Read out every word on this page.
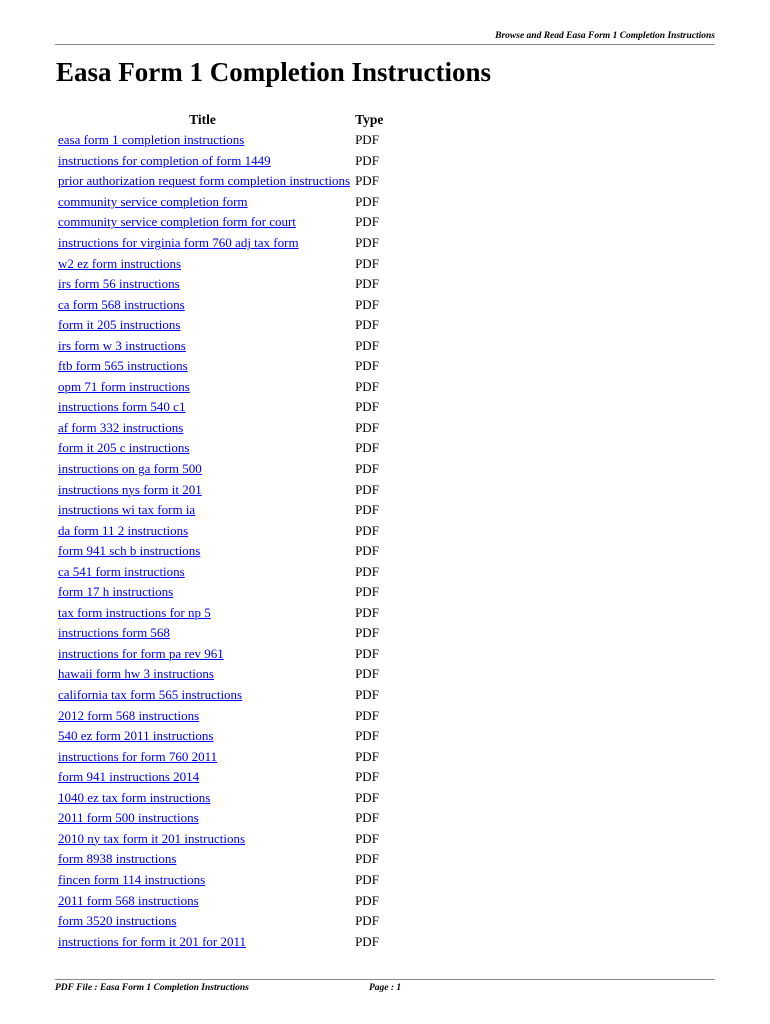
Browse and Read Easa Form 1 Completion Instructions
Easa Form 1 Completion Instructions
Title	Type
easa form 1 completion instructions	PDF
instructions for completion of form 1449	PDF
prior authorization request form completion instructions	PDF
community service completion form	PDF
community service completion form for court	PDF
instructions for virginia form 760 adj tax form	PDF
w2 ez form instructions	PDF
irs form 56 instructions	PDF
ca form 568 instructions	PDF
form it 205 instructions	PDF
irs form w 3 instructions	PDF
ftb form 565 instructions	PDF
opm 71 form instructions	PDF
instructions form 540 c1	PDF
af form 332 instructions	PDF
form it 205 c instructions	PDF
instructions on ga form 500	PDF
instructions nys form it 201	PDF
instructions wi tax form ia	PDF
da form 11 2 instructions	PDF
form 941 sch b instructions	PDF
ca 541 form instructions	PDF
form 17 h instructions	PDF
tax form instructions for np 5	PDF
instructions form 568	PDF
instructions for form pa rev 961	PDF
hawaii form hw 3 instructions	PDF
california tax form 565 instructions	PDF
2012 form 568 instructions	PDF
540 ez form 2011 instructions	PDF
instructions for form 760 2011	PDF
form 941 instructions 2014	PDF
1040 ez tax form instructions	PDF
2011 form 500 instructions	PDF
2010 ny tax form it 201 instructions	PDF
form 8938 instructions	PDF
fincen form 114 instructions	PDF
2011 form 568 instructions	PDF
form 3520 instructions	PDF
instructions for form it 201 for 2011	PDF
PDF File : Easa Form 1 Completion Instructions	Page : 1
